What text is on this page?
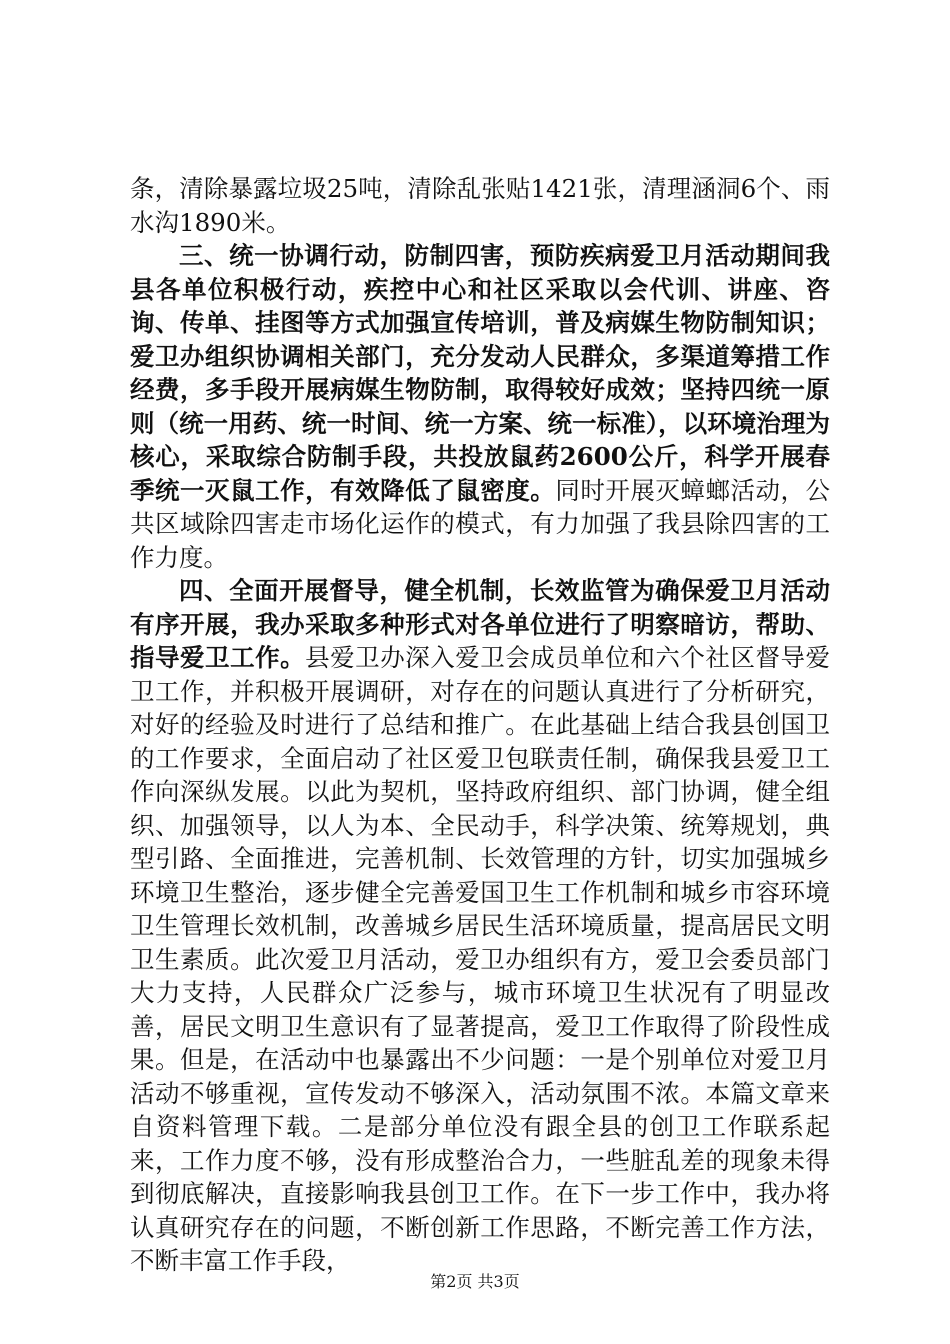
条，清除暴露垃圾25吨，清除乱张贴1421张，清理涵洞6个、雨水沟1890米。

三、统一协调行动，防制四害，预防疾病爱卫月活动期间我县各单位积极行动，疾控中心和社区采取以会代训、讲座、咨询、传单、挂图等方式加强宣传培训，普及病媒生物防制知识；爱卫办组织协调相关部门，充分发动人民群众，多渠道筹措工作经费，多手段开展病媒生物防制，取得较好成效；坚持四统一原则（统一用药、统一时间、统一方案、统一标准），以环境治理为核心，采取综合防制手段，共投放鼠药2600公斤，科学开展春季统一灭鼠工作，有效降低了鼠密度。同时开展灭蟑螂活动，公共区域除四害走市场化运作的模式，有力加强了我县除四害的工作力度。

四、全面开展督导，健全机制，长效监管为确保爱卫月活动有序开展，我办采取多种形式对各单位进行了明察暗访，帮助、指导爱卫工作。县爱卫办深入爱卫会成员单位和六个社区督导爱卫工作，并积极开展调研，对存在的问题认真进行了分析研究，对好的经验及时进行了总结和推广。在此基础上结合我县创国卫的工作要求，全面启动了社区爱卫包联责任制，确保我县爱卫工作向深纵发展。以此为契机，坚持政府组织、部门协调，健全组织、加强领导，以人为本、全民动手，科学决策、统筹规划，典型引路、全面推进，完善机制、长效管理的方针，切实加强城乡环境卫生整治，逐步健全完善爱国卫生工作机制和城乡市容环境卫生管理长效机制，改善城乡居民生活环境质量，提高居民文明卫生素质。此次爱卫月活动，爱卫办组织有方，爱卫会委员部门大力支持，人民群众广泛参与，城市环境卫生状况有了明显改善，居民文明卫生意识有了显著提高，爱卫工作取得了阶段性成果。但是，在活动中也暴露出不少问题：一是个别单位对爱卫月活动不够重视，宣传发动不够深入，活动氛围不浓。本篇文章来自资料管理下载。二是部分单位没有跟全县的创卫工作联系起来，工作力度不够，没有形成整治合力，一些脏乱差的现象未得到彻底解决，直接影响我县创卫工作。在下一步工作中，我办将认真研究存在的问题，不断创新工作思路，不断完善工作方法，不断丰富工作手段，

第2页 共3页
